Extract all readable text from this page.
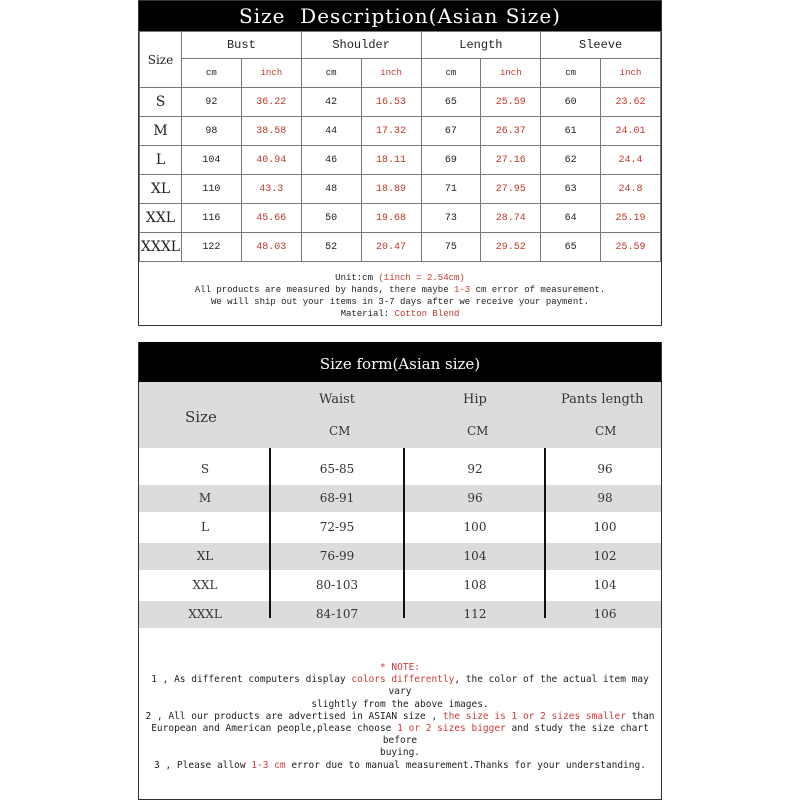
Size  Description(Asian Size)
Size	Bust		Shoulder		Length		Sleeve	
	cm	inch	cm	inch	cm	inch	cm	inch
S	92	36.22	42	16.53	65	25.59	60	23.62
M	98	38.58	44	17.32	67	26.37	61	24.01
L	104	40.94	46	18.11	69	27.16	62	24.4
XL	110	43.3	48	18.89	71	27.95	63	24.8
XXL	116	45.66	50	19.68	73	28.74	64	25.19
XXXL	122	48.03	52	20.47	75	29.52	65	25.59
Unit:cm (1inch = 2.54cm)
All products are measured by hands, there maybe 1-3 cm error of measurement.
We will ship out your items in 3-7 days after we receive your payment.
Material: Cotton Blend
Size form(Asian size)
Size
Waist	Hip	Pants length
CM	CM	CM
S	65-85	92	96
M	68-91	96	98
L	72-95	100	100
XL	76-99	104	102
XXL	80-103	108	104
XXXL	84-107	112	106
* NOTE:
1 , As different computers display colors differently, the color of the actual item may vary
slightly from the above images.
2 , All our products are advertised in ASIAN size , the size is 1 or 2 sizes smaller than
European and American people,please choose 1 or 2 sizes bigger and study the size chart before
buying.
3 , Please allow 1-3 cm error due to manual measurement.Thanks for your understanding.
